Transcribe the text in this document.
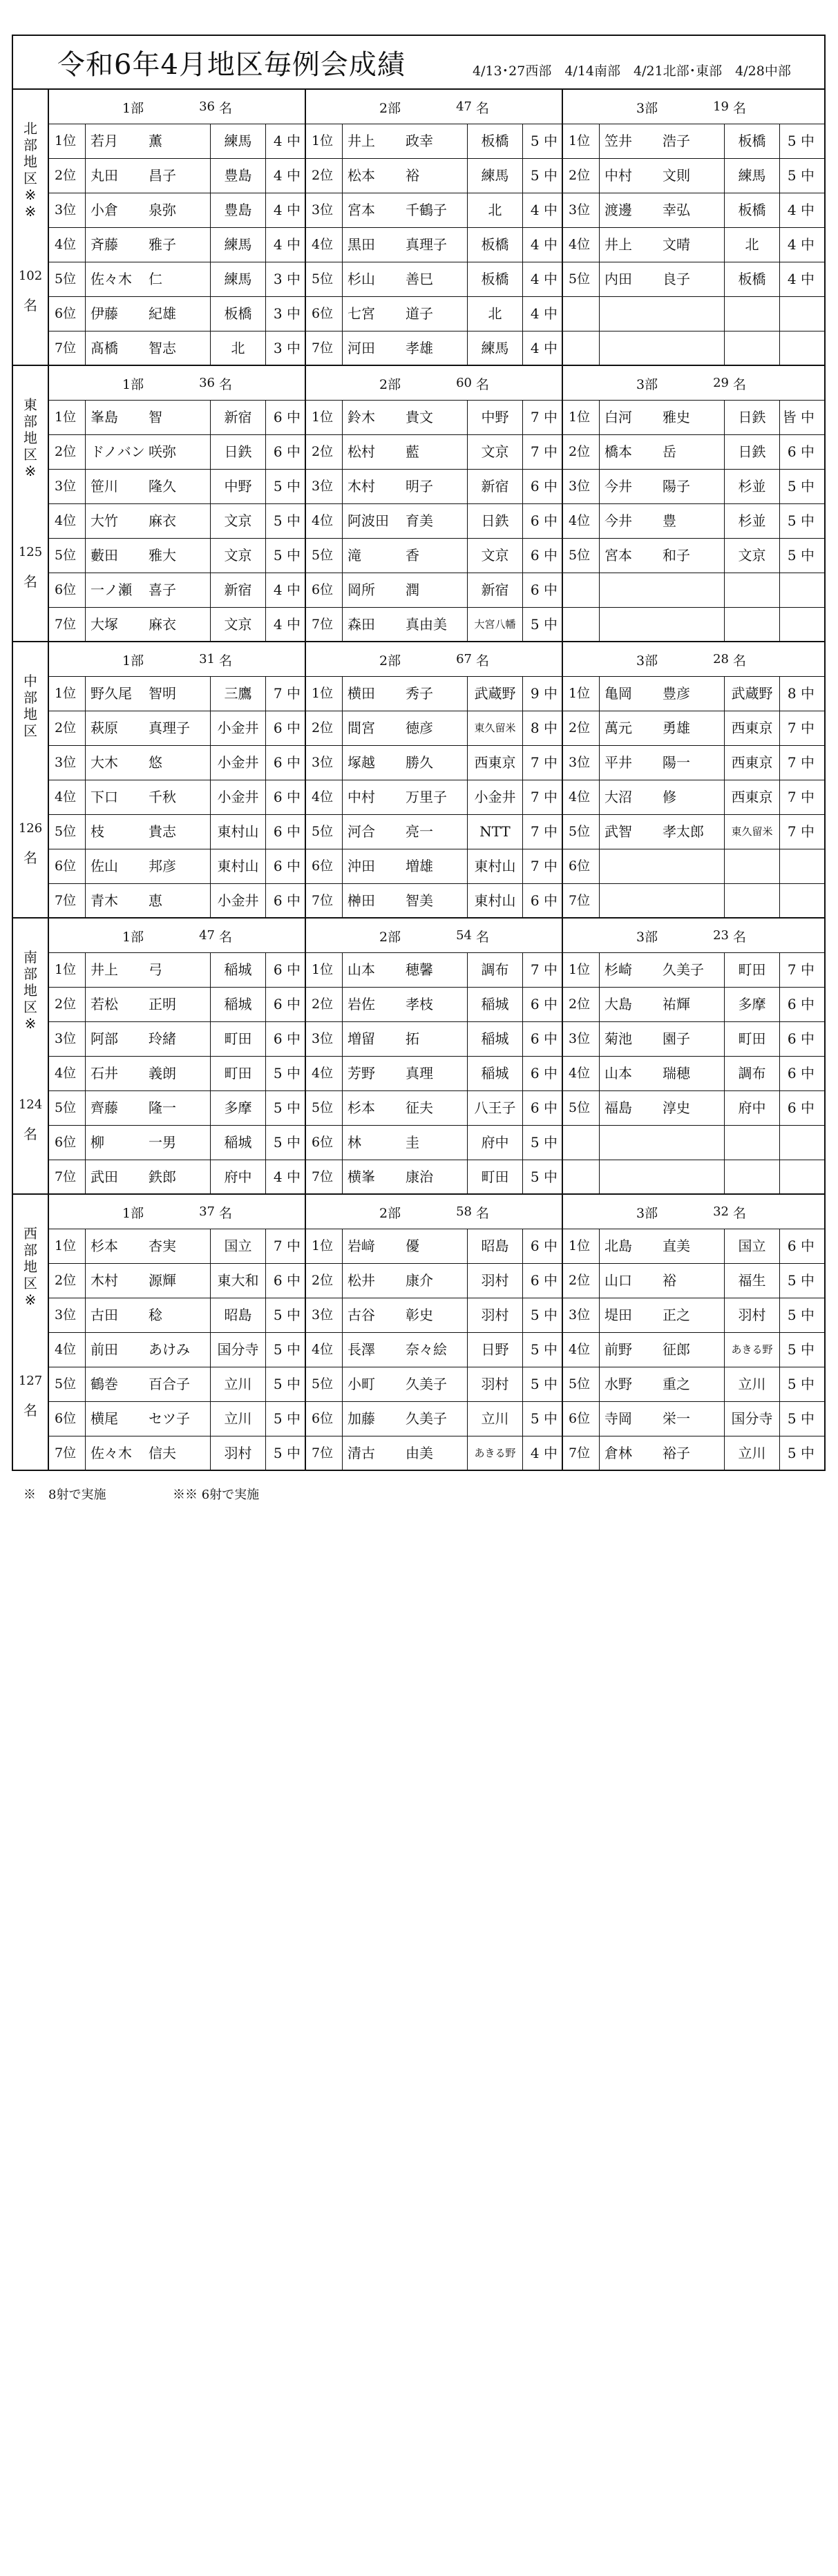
令和6年4月地区毎例会成績	4/13･27西部　4/14南部　4/21北部･東部　4/28中部
北
部
地
区
※
※
102
名
1部	36 名
1位	若月	薫	練馬	4 中
2位	丸田	昌子	豊島	4 中
3位	小倉	泉弥	豊島	4 中
4位	斉藤	雅子	練馬	4 中
5位	佐々木	仁	練馬	3 中
6位	伊藤	紀雄	板橋	3 中
7位	髙橋	智志	北	3 中
2部	47 名
1位	井上	政幸	板橋	5 中
2位	松本	裕	練馬	5 中
3位	宮本	千鶴子	北	4 中
4位	黒田	真理子	板橋	4 中
5位	杉山	善巳	板橋	4 中
6位	七宮	道子	北	4 中
7位	河田	孝雄	練馬	4 中
3部	19 名
1位	笠井	浩子	板橋	5 中
2位	中村	文則	練馬	5 中
3位	渡邊	幸弘	板橋	4 中
4位	井上	文晴	北	4 中
5位	内田	良子	板橋	4 中
東
部
地
区
※
125
名
1部	36 名
1位	峯島	智	新宿	6 中
2位	ドノバン 咲弥	日鉄	6 中
3位	笹川	隆久	中野	5 中
4位	大竹	麻衣	文京	5 中
5位	藪田	雅大	文京	5 中
6位	一ノ瀬	喜子	新宿	4 中
7位	大塚	麻衣	文京	4 中
2部	60 名
1位	鈴木	貴文	中野	7 中
2位	松村	藍	文京	7 中
3位	木村	明子	新宿	6 中
4位	阿波田	育美	日鉄	6 中
5位	滝	香	文京	6 中
6位	岡所	潤	新宿	6 中
7位	森田	真由美	大宮八幡	5 中
3部	29 名
1位	白河	雅史	日鉄	皆 中
2位	橋本	岳	日鉄	6 中
3位	今井	陽子	杉並	5 中
4位	今井	豊	杉並	5 中
5位	宮本	和子	文京	5 中
中
部
地
区
126
名
1部	31 名
1位	野久尾	智明	三鷹	7 中
2位	萩原	真理子	小金井	6 中
3位	大木	悠	小金井	6 中
4位	下口	千秋	小金井	6 中
5位	枝	貴志	東村山	6 中
6位	佐山	邦彦	東村山	6 中
7位	青木	恵	小金井	6 中
2部	67 名
1位	横田	秀子	武蔵野	9 中
2位	間宮	徳彦	東久留米	8 中
3位	塚越	勝久	西東京	7 中
4位	中村	万里子	小金井	7 中
5位	河合	亮一	NTT	7 中
6位	沖田	増雄	東村山	7 中
7位	榊田	智美	東村山	6 中
3部	28 名
1位	亀岡	豊彦	武蔵野	8 中
2位	萬元	勇雄	西東京	7 中
3位	平井	陽一	西東京	7 中
4位	大沼	修	西東京	7 中
5位	武智	孝太郎	東久留米	7 中
6位
7位
南
部
地
区
※
124
名
1部	47 名
1位	井上	弓	稲城	6 中
2位	若松	正明	稲城	6 中
3位	阿部	玲緒	町田	6 中
4位	石井	義朗	町田	5 中
5位	齊藤	隆一	多摩	5 中
6位	柳	一男	稲城	5 中
7位	武田	鉄郎	府中	4 中
2部	54 名
1位	山本	穂馨	調布	7 中
2位	岩佐	孝枝	稲城	6 中
3位	増留	拓	稲城	6 中
4位	芳野	真理	稲城	6 中
5位	杉本	征夫	八王子	6 中
6位	林	圭	府中	5 中
7位	横峯	康治	町田	5 中
3部	23 名
1位	杉崎	久美子	町田	7 中
2位	大島	祐輝	多摩	6 中
3位	菊池	園子	町田	6 中
4位	山本	瑞穂	調布	6 中
5位	福島	淳史	府中	6 中
西
部
地
区
※
127
名
1部	37 名
1位	杉本	杏実	国立	7 中
2位	木村	源輝	東大和	6 中
3位	古田	稔	昭島	5 中
4位	前田	あけみ	国分寺	5 中
5位	鶴巻	百合子	立川	5 中
6位	横尾	セツ子	立川	5 中
7位	佐々木	信夫	羽村	5 中
2部	58 名
1位	岩﨑	優	昭島	6 中
2位	松井	康介	羽村	6 中
3位	古谷	彰史	羽村	5 中
4位	長澤	奈々絵	日野	5 中
5位	小町	久美子	羽村	5 中
6位	加藤	久美子	立川	5 中
7位	清古	由美	あきる野	4 中
3部	32 名
1位	北島	直美	国立	6 中
2位	山口	裕	福生	5 中
3位	堤田	正之	羽村	5 中
4位	前野	征郎	あきる野	5 中
5位	水野	重之	立川	5 中
6位	寺岡	栄一	国分寺	5 中
7位	倉林	裕子	立川	5 中
※　8射で実施	※※ 6射で実施
